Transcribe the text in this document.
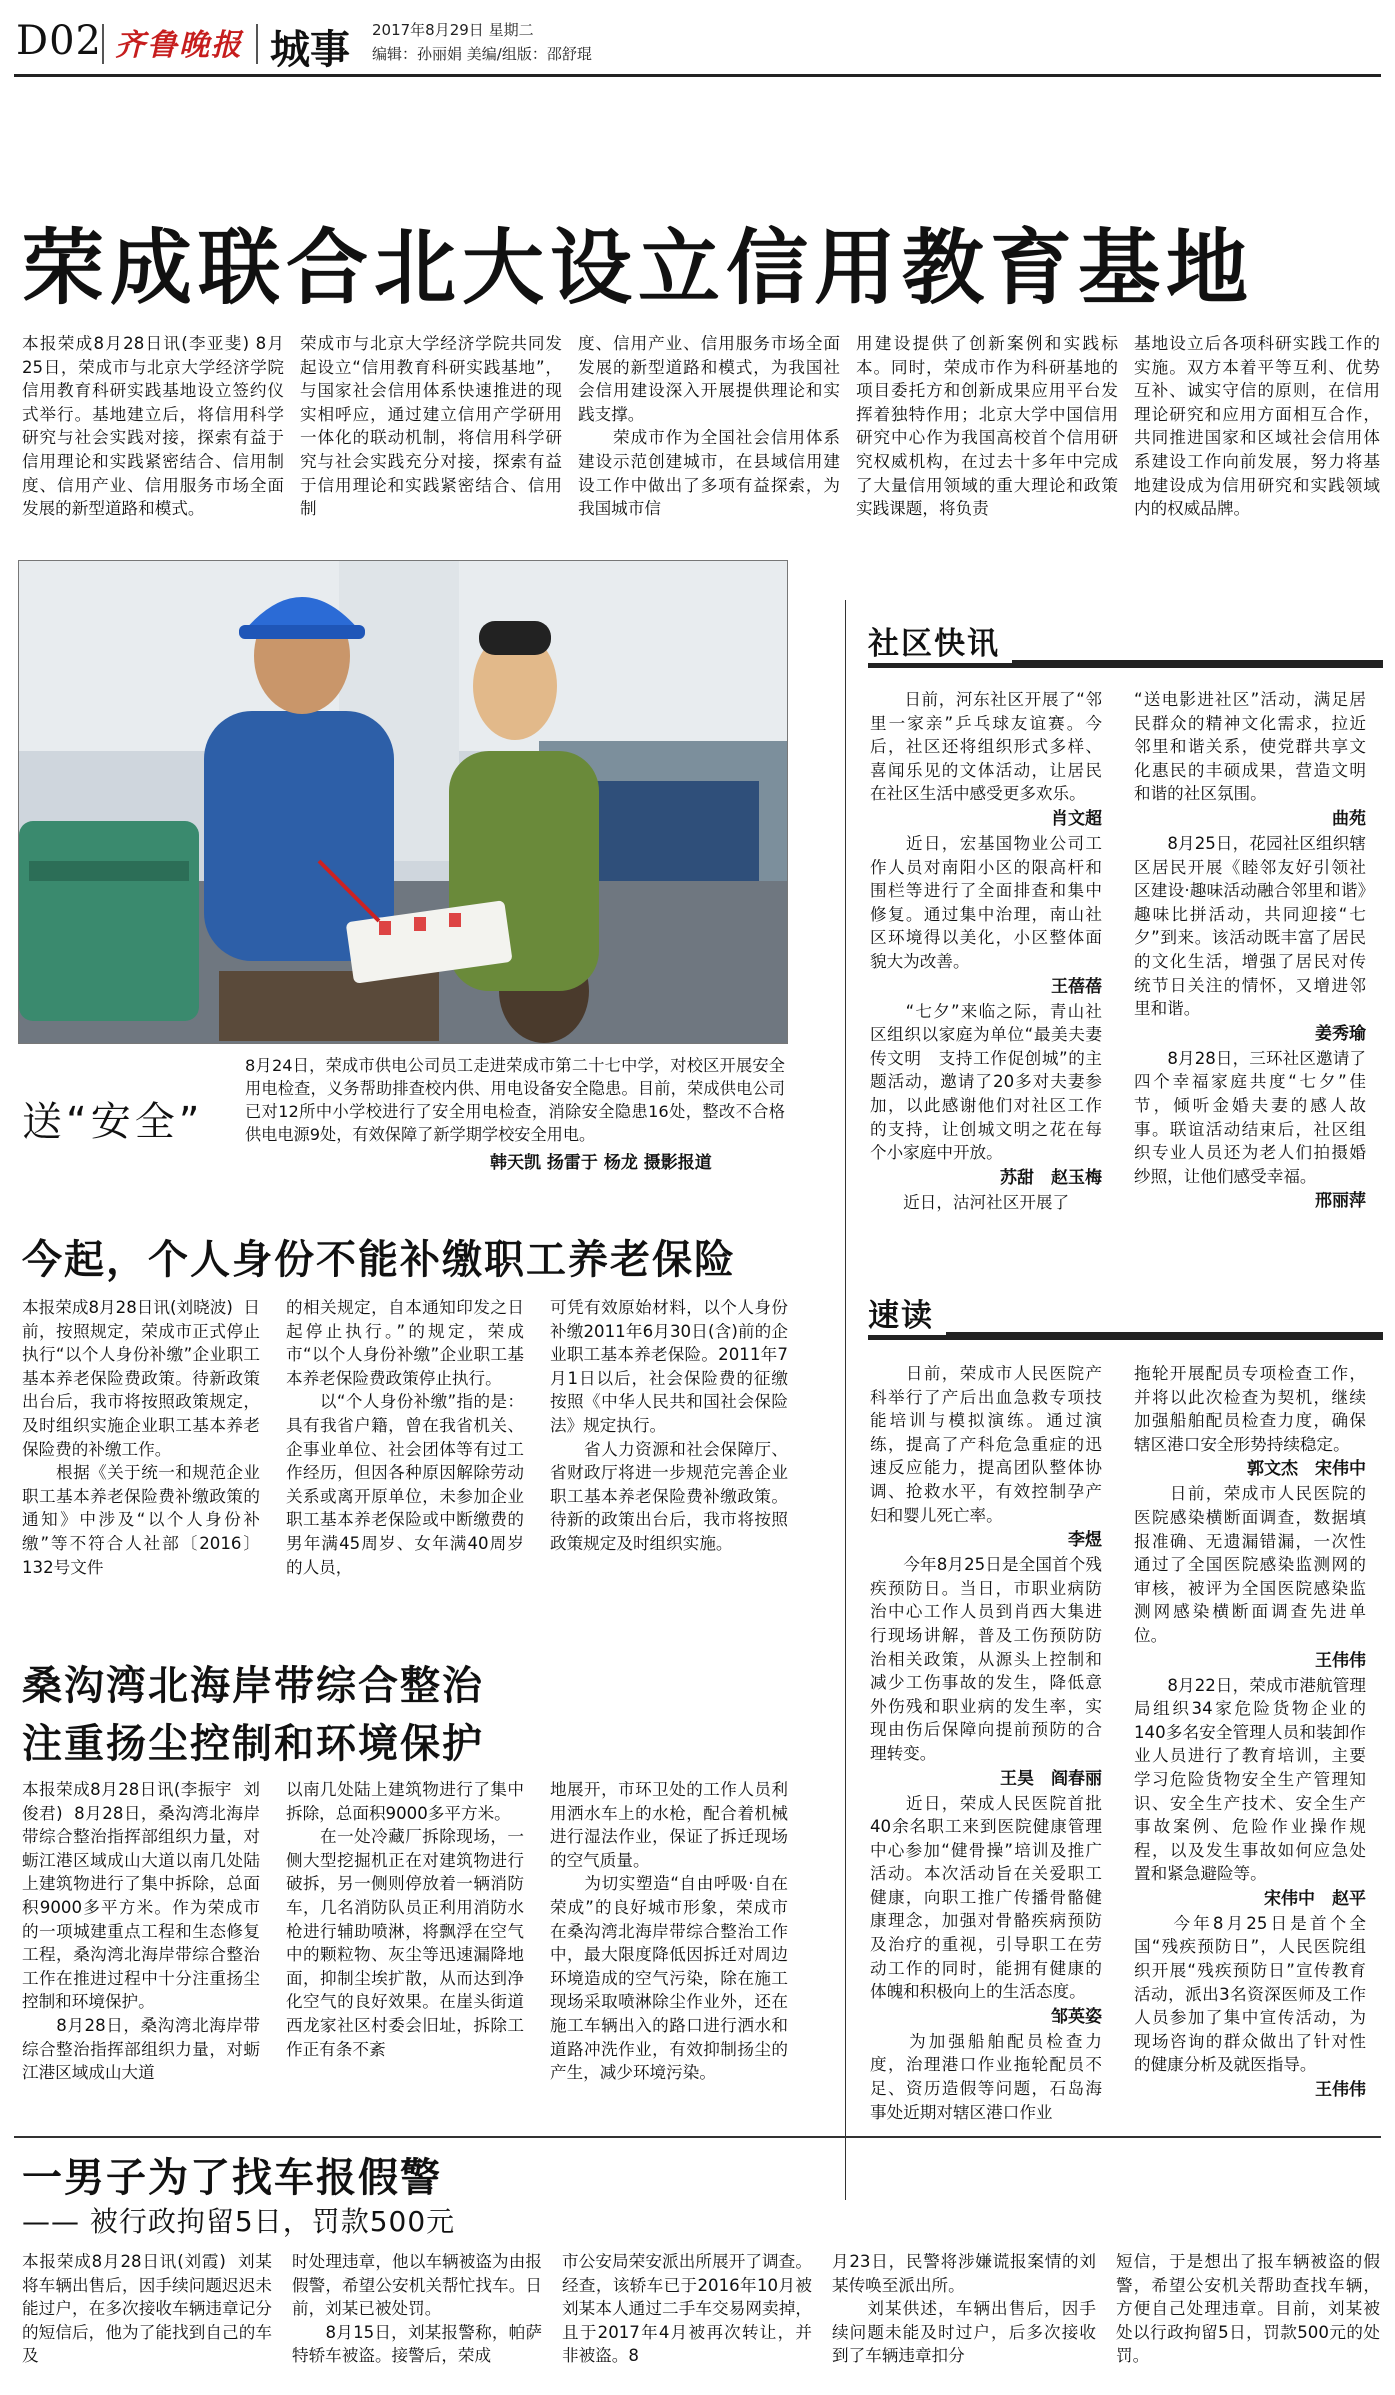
D02 齐鲁晚报 城事 2017年8月29日 星期二
编辑：孙丽娟 美编/组版：邵舒琨
荣成联合北大设立信用教育基地
本报荣成8月28日讯(李亚斐) 8月25日，荣成市与北京大学经济学院信用教育科研实践基地设立签约仪式举行。基地建立后，将信用科学研究与社会实践对接，探索有益于信用理论和实践紧密结合、信用制度、信用产业、信用服务市场全面发展的新型道路和模式。
荣成市与北京大学经济学院共同发起设立“信用教育科研实践基地”，与国家社会信用体系快速推进的现实相呼应，通过建立信用产学研用一体化的联动机制，将信用科学研究与社会实践充分对接，探索有益于信用理论和实践紧密结合、信用制
度、信用产业、信用服务市场全面发展的新型道路和模式，为我国社会信用建设深入开展提供理论和实践支撑。
　　荣成市作为全国社会信用体系建设示范创建城市，在县域信用建设工作中做出了多项有益探索，为我国城市信
用建设提供了创新案例和实践标本。同时，荣成市作为科研基地的项目委托方和创新成果应用平台发挥着独特作用；北京大学中国信用研究中心作为我国高校首个信用研究权威机构，在过去十多年中完成了大量信用领域的重大理论和政策实践课题，将负责
基地设立后各项科研实践工作的实施。双方本着平等互利、优势互补、诚实守信的原则，在信用理论研究和应用方面相互合作，共同推进国家和区域社会信用体系建设工作向前发展，努力将基地建设成为信用研究和实践领域内的权威品牌。
8月24日，荣成市供电公司员工走进荣成市第二十七中学，对校区开展安全用电检查，义务帮助排查校内供、用电设备安全隐患。目前，荣成供电公司已对12所中小学校进行了安全用电检查，消除安全隐患16处，整改不合格供电电源9处，有效保障了新学期学校安全用电。
韩天凯 扬雷于 杨龙 摄影报道
送“安全”
今起，个人身份不能补缴职工养老保险
本报荣成8月28日讯(刘晓波)  日前，按照规定，荣成市正式停止执行“以个人身份补缴”企业职工基本养老保险费政策。待新政策出台后，我市将按照政策规定，及时组织实施企业职工基本养老保险费的补缴工作。
　　根据《关于统一和规范企业职工基本养老保险费补缴政策的通知》中涉及“以个人身份补缴”等不符合人社部〔2016〕132号文件
的相关规定，自本通知印发之日起停止执行。”的规定，荣成市“以个人身份补缴”企业职工基本养老保险费政策停止执行。
　　以“个人身份补缴”指的是：具有我省户籍，曾在我省机关、企事业单位、社会团体等有过工作经历，但因各种原因解除劳动关系或离开原单位，未参加企业职工基本养老保险或中断缴费的男年满45周岁、女年满40周岁的人员，
可凭有效原始材料，以个人身份补缴2011年6月30日(含)前的企业职工基本养老保险。2011年7月1日以后，社会保险费的征缴按照《中华人民共和国社会保险法》规定执行。
　　省人力资源和社会保障厅、省财政厅将进一步规范完善企业职工基本养老保险费补缴政策。待新的政策出台后，我市将按照政策规定及时组织实施。
桑沟湾北海岸带综合整治
注重扬尘控制和环境保护
本报荣成8月28日讯(李振宇  刘俊君)  8月28日，桑沟湾北海岸带综合整治指挥部组织力量，对蛎江港区域成山大道以南几处陆上建筑物进行了集中拆除，总面积9000多平方米。作为荣成市的一项城建重点工程和生态修复工程，桑沟湾北海岸带综合整治工作在推进过程中十分注重扬尘控制和环境保护。
　　8月28日，桑沟湾北海岸带综合整治指挥部组织力量，对蛎江港区域成山大道
以南几处陆上建筑物进行了集中拆除，总面积9000多平方米。
　　在一处冷藏厂拆除现场，一侧大型挖掘机正在对建筑物进行破拆，另一侧则停放着一辆消防车，几名消防队员正利用消防水枪进行辅助喷淋，将飘浮在空气中的颗粒物、灰尘等迅速漏降地面，抑制尘埃扩散，从而达到净化空气的良好效果。在崖头街道西龙家社区村委会旧址，拆除工作正有条不紊
地展开，市环卫处的工作人员利用洒水车上的水枪，配合着机械进行湿法作业，保证了拆迁现场的空气质量。
　　为切实塑造“自由呼吸·自在荣成”的良好城市形象，荣成市在桑沟湾北海岸带综合整治工作中，最大限度降低因拆迁对周边环境造成的空气污染，除在施工现场采取喷淋除尘作业外，还在施工车辆出入的路口进行洒水和道路冲洗作业，有效抑制扬尘的产生，减少环境污染。
一男子为了找车报假警
—— 被行政拘留5日，罚款500元
本报荣成8月28日讯(刘霞)  刘某将车辆出售后，因手续问题迟迟未能过户，在多次接收车辆违章记分的短信后，他为了能找到自己的车及
时处理违章，他以车辆被盗为由报假警，希望公安机关帮忙找车。日前，刘某已被处罚。
　　8月15日，刘某报警称，帕萨特轿车被盗。接警后，荣成
市公安局荣安派出所展开了调查。经查，该轿车已于2016年10月被刘某本人通过二手车交易网卖掉，且于2017年4月被再次转让，并非被盗。8
月23日，民警将涉嫌谎报案情的刘某传唤至派出所。
　　刘某供述，车辆出售后，因手续问题未能及时过户，后多次接收到了车辆违章扣分
短信，于是想出了报车辆被盗的假警，希望公安机关帮助查找车辆，方便自己处理违章。目前，刘某被处以行政拘留5日，罚款500元的处罚。
社区快讯
　　日前，河东社区开展了“邻里一家亲”乒乓球友谊赛。今后，社区还将组织形式多样、喜闻乐见的文体活动，让居民在社区生活中感受更多欢乐。
肖文超
　　近日，宏基国物业公司工作人员对南阳小区的限高杆和围栏等进行了全面排查和集中修复。通过集中治理，南山社区环境得以美化，小区整体面貌大为改善。
王蓓蓓
　　“七夕”来临之际，青山社区组织以家庭为单位“最美夫妻传文明　支持工作促创城”的主题活动，邀请了20多对夫妻参加，以此感谢他们对社区工作的支持，让创城文明之花在每个小家庭中开放。
苏甜　赵玉梅
　　近日，沽河社区开展了
“送电影进社区”活动，满足居民群众的精神文化需求，拉近邻里和谐关系，使党群共享文化惠民的丰硕成果，营造文明和谐的社区氛围。
曲苑
　　8月25日，花园社区组织辖区居民开展《睦邻友好引领社区建设·趣味活动融合邻里和谐》趣味比拼活动，共同迎接“七夕”到来。该活动既丰富了居民的文化生活，增强了居民对传统节日关注的情怀，又增进邻里和谐。
姜秀瑜
　　8月28日，三环社区邀请了四个幸福家庭共度“七夕”佳节，倾听金婚夫妻的感人故事。联谊活动结束后，社区组织专业人员还为老人们拍摄婚纱照，让他们感受幸福。
邢丽萍
速读
　　日前，荣成市人民医院产科举行了产后出血急救专项技能培训与模拟演练。通过演练，提高了产科危急重症的迅速反应能力，提高团队整体协调、抢救水平，有效控制孕产妇和婴儿死亡率。
李煜
　　今年8月25日是全国首个残疾预防日。当日，市职业病防治中心工作人员到肖西大集进行现场讲解，普及工伤预防防治相关政策，从源头上控制和减少工伤事故的发生，降低意外伤残和职业病的发生率，实现由伤后保障向提前预防的合理转变。
王昊　阎春丽
　　近日，荣成人民医院首批40余名职工来到医院健康管理中心参加“健骨操”培训及推广活动。本次活动旨在关爱职工健康，向职工推广传播骨骼健康理念，加强对骨骼疾病预防及治疗的重视，引导职工在劳动工作的同时，能拥有健康的体魄和积极向上的生活态度。
邹英姿
　　为加强船舶配员检查力度，治理港口作业拖轮配员不足、资历造假等问题，石岛海事处近期对辖区港口作业
拖轮开展配员专项检查工作，并将以此次检查为契机，继续加强船舶配员检查力度，确保辖区港口安全形势持续稳定。
郭文杰　宋伟中
　　日前，荣成市人民医院的医院感染横断面调查，数据填报准确、无遗漏错漏，一次性通过了全国医院感染监测网的审核，被评为全国医院感染监测网感染横断面调查先进单位。
王伟伟
　　8月22日，荣成市港航管理局组织34家危险货物企业的140多名安全管理人员和装卸作业人员进行了教育培训，主要学习危险货物安全生产管理知识、安全生产技术、安全生产事故案例、危险作业操作规程，以及发生事故如何应急处置和紧急避险等。
宋伟中　赵平
　　今年8月25日是首个全国“残疾预防日”，人民医院组织开展“残疾预防日”宣传教育活动，派出3名资深医师及工作人员参加了集中宣传活动，为现场咨询的群众做出了针对性的健康分析及就医指导。
王伟伟
